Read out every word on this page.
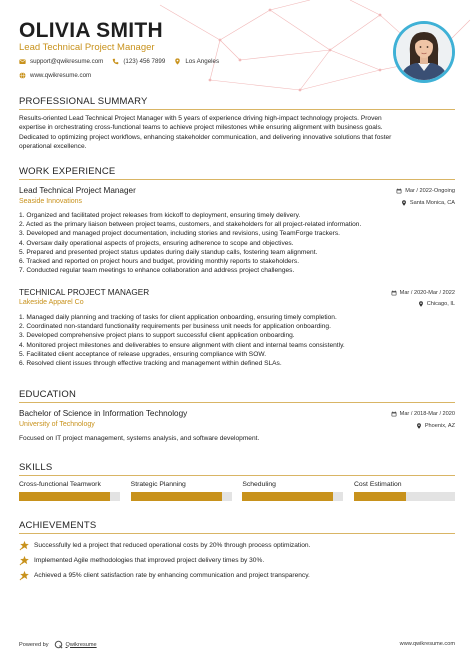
OLIVIA SMITH
Lead Technical Project Manager
support@qwikresume.com	(123) 456 7899	Los Angeles
www.qwikresume.com
PROFESSIONAL SUMMARY
Results-oriented Lead Technical Project Manager with 5 years of experience driving high-impact technology projects. Proven
expertise in orchestrating cross-functional teams to achieve project milestones while ensuring alignment with business goals.
Dedicated to optimizing project workflows, enhancing stakeholder communication, and delivering innovative solutions that foster
operational excellence.
WORK EXPERIENCE
Lead Technical Project Manager	Mar / 2022-Ongoing
Seaside Innovations	Santa Monica, CA
1. Organized and facilitated project releases from kickoff to deployment, ensuring timely delivery.
2. Acted as the primary liaison between project teams, customers, and stakeholders for all project-related information.
3. Developed and managed project documentation, including stories and revisions, using TeamForge trackers.
4. Oversaw daily operational aspects of projects, ensuring adherence to scope and objectives.
5. Prepared and presented project status updates during daily standup calls, fostering team alignment.
6. Tracked and reported on project hours and budget, providing monthly reports to stakeholders.
7. Conducted regular team meetings to enhance collaboration and address project challenges.
TECHNICAL PROJECT MANAGER	Mar / 2020-Mar / 2022
Lakeside Apparel Co	Chicago, IL
1. Managed daily planning and tracking of tasks for client application onboarding, ensuring timely completion.
2. Coordinated non-standard functionality requirements per business unit needs for application onboarding.
3. Developed comprehensive project plans to support successful client application onboarding.
4. Monitored project milestones and deliverables to ensure alignment with client and internal teams consistently.
5. Facilitated client acceptance of release upgrades, ensuring compliance with SOW.
6. Resolved client issues through effective tracking and management within defined SLAs.
EDUCATION
Bachelor of Science in Information Technology	Mar / 2018-Mar / 2020
University of Technology	Phoenix, AZ
Focused on IT project management, systems analysis, and software development.
SKILLS
Cross-functional Teamwork	Strategic Planning	Scheduling	Cost Estimation
ACHIEVEMENTS
Successfully led a project that reduced operational costs by 20% through process optimization.
Implemented Agile methodologies that improved project delivery times by 30%.
Achieved a 95% client satisfaction rate by enhancing communication and project transparency.
Powered by	Qwikresume	www.qwikresume.com
